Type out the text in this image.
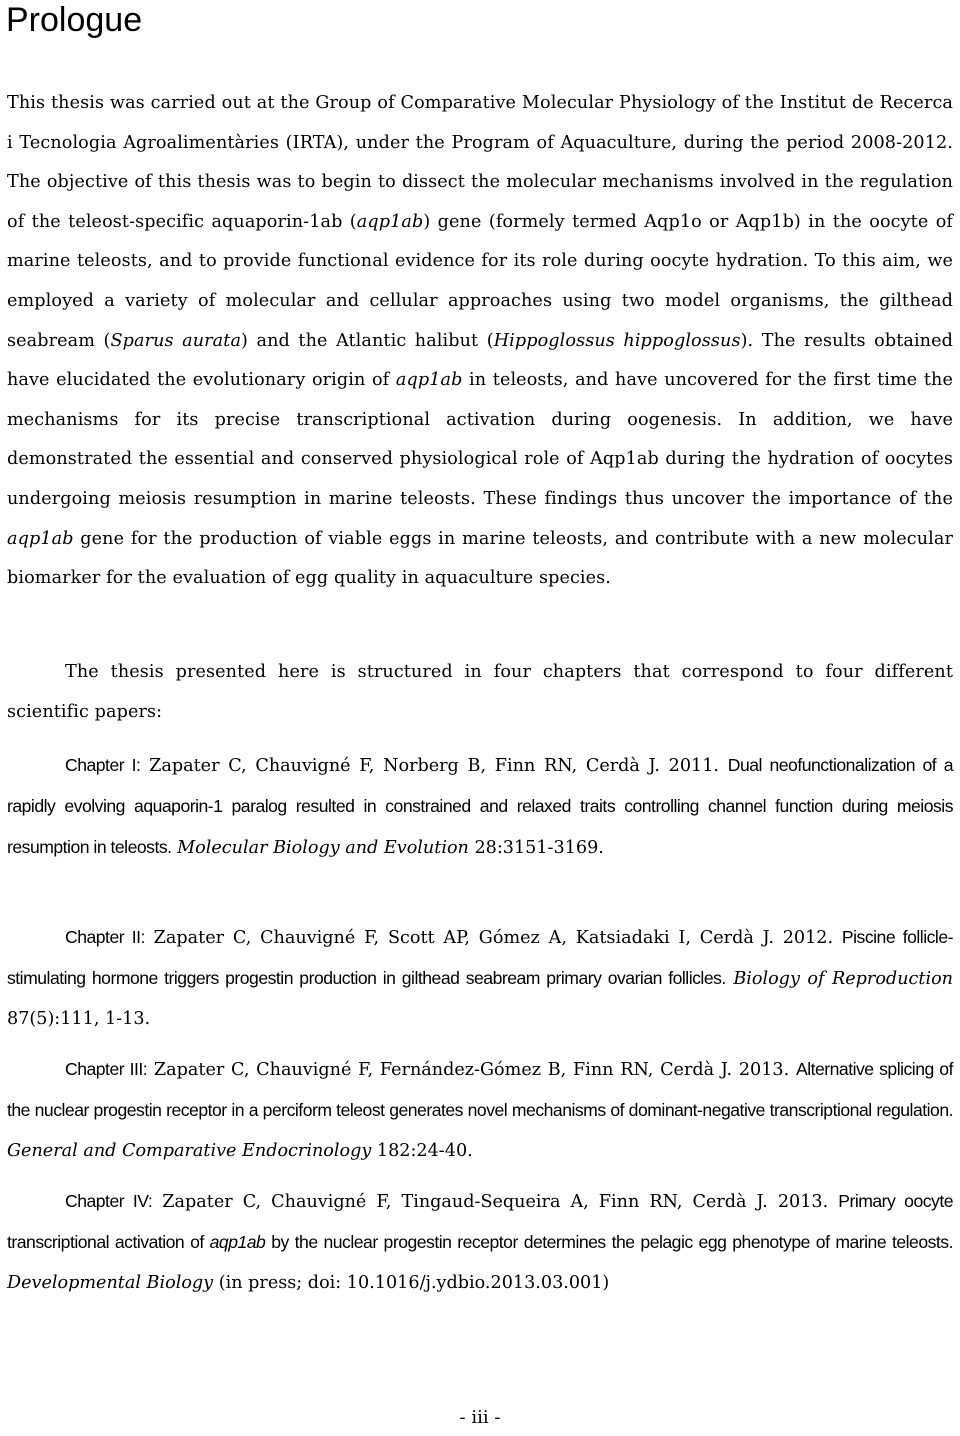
Prologue

This thesis was carried out at the Group of Comparative Molecular Physiology of the Institut de Recerca i Tecnologia Agroalimentàries (IRTA), under the Program of Aquaculture, during the period 2008-2012. The objective of this thesis was to begin to dissect the molecular mechanisms involved in the regulation of the teleost-specific aquaporin-1ab (aqp1ab) gene (formely termed Aqp1o or Aqp1b) in the oocyte of marine teleosts, and to provide functional evidence for its role during oocyte hydration. To this aim, we employed a variety of molecular and cellular approaches using two model organisms, the gilthead seabream (Sparus aurata) and the Atlantic halibut (Hippoglossus hippoglossus). The results obtained have elucidated the evolutionary origin of aqp1ab in teleosts, and have uncovered for the first time the mechanisms for its precise transcriptional activation during oogenesis. In addition, we have demonstrated the essential and conserved physiological role of Aqp1ab during the hydration of oocytes undergoing meiosis resumption in marine teleosts. These findings thus uncover the importance of the aqp1ab gene for the production of viable eggs in marine teleosts, and contribute with a new molecular biomarker for the evaluation of egg quality in aquaculture species.

The thesis presented here is structured in four chapters that correspond to four different scientific papers:

Chapter I: Zapater C, Chauvigné F, Norberg B, Finn RN, Cerdà J. 2011. Dual neofunctionalization of a rapidly evolving aquaporin-1 paralog resulted in constrained and relaxed traits controlling channel function during meiosis resumption in teleosts. Molecular Biology and Evolution 28:3151-3169.

Chapter II: Zapater C, Chauvigné F, Scott AP, Gómez A, Katsiadaki I, Cerdà J. 2012. Piscine follicle-stimulating hormone triggers progestin production in gilthead seabream primary ovarian follicles. Biology of Reproduction 87(5):111, 1-13.

Chapter III: Zapater C, Chauvigné F, Fernández-Gómez B, Finn RN, Cerdà J. 2013. Alternative splicing of the nuclear progestin receptor in a perciform teleost generates novel mechanisms of dominant-negative transcriptional regulation. General and Comparative Endocrinology 182:24-40.

Chapter IV: Zapater C, Chauvigné F, Tingaud-Sequeira A, Finn RN, Cerdà J. 2013. Primary oocyte transcriptional activation of aqp1ab by the nuclear progestin receptor determines the pelagic egg phenotype of marine teleosts. Developmental Biology (in press; doi: 10.1016/j.ydbio.2013.03.001)

- iii -
